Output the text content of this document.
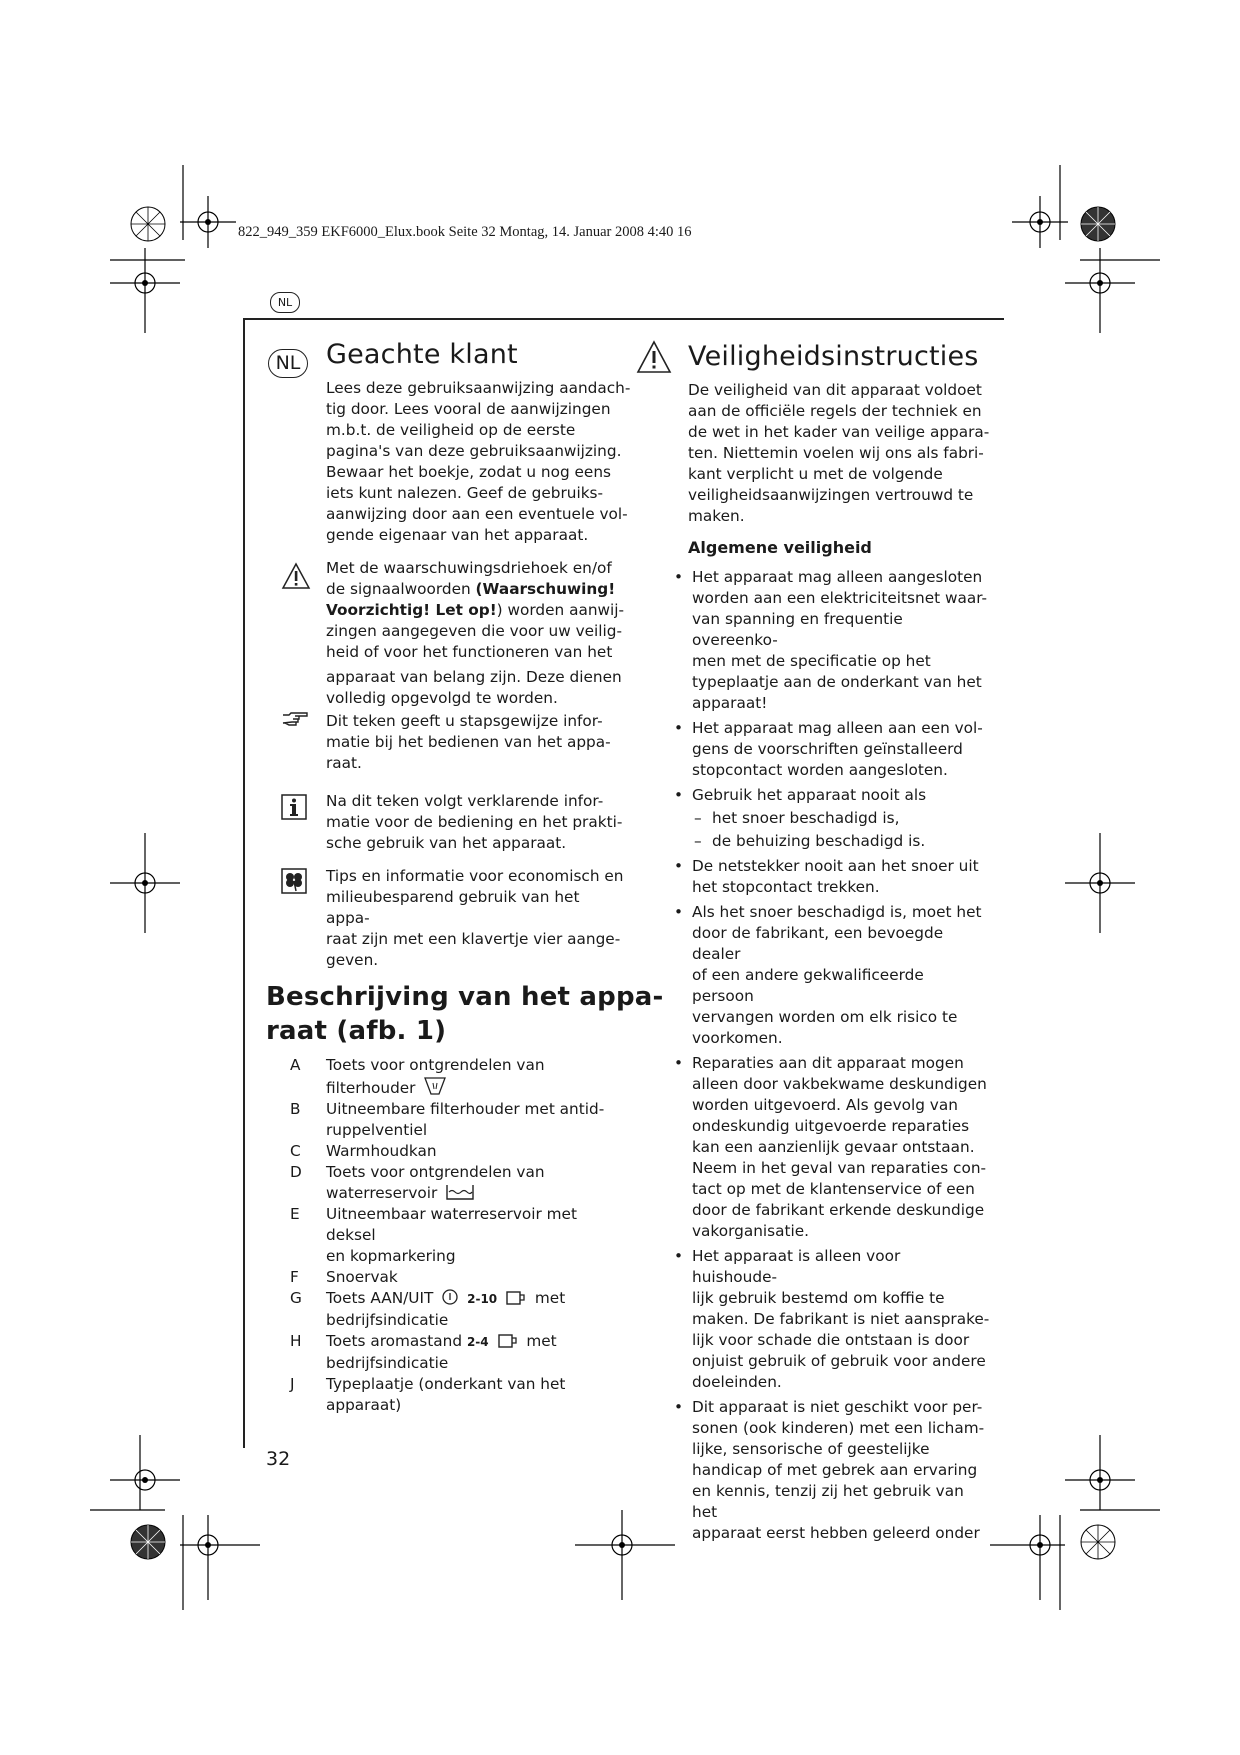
822_949_359 EKF6000_Elux.book Seite 32 Montag, 14. Januar 2008 4:40 16
NL
NL Geachte klant

Lees deze gebruiksaanwijzing aandach-

tig door. Lees vooral de aanwijzingen

m.b.t. de veiligheid op de eerste

pagina's van deze gebruiksaanwijzing.

Bewaar het boekje, zodat u nog eens

iets kunt nalezen. Geef de gebruiks-

aanwijzing door aan een eventuele vol-

gende eigenaar van het apparaat.

Met de waarschuwingsdriehoek en/of

de signaalwoorden (Waarschuwing!

Voorzichtig! Let op!) worden aanwij-

zingen aangegeven die voor uw veilig-

heid of voor het functioneren van het

apparaat van belang zijn. Deze dienen

volledig opgevolgd te worden.

Dit teken geeft u stapsgewijze infor-

matie bij het bedienen van het appa-

raat.

Na dit teken volgt verklarende infor-

matie voor de bediening en het prakti-

sche gebruik van het apparaat.

Tips en informatie voor economisch en

milieubesparend gebruik van het appa-

raat zijn met een klavertje vier aange-

geven.

Beschrijving van het appa-
raat (afb. 1)
A	Toets voor ontgrendelen van
filterhouder
B	Uitneembare filterhouder met antid-
ruppelventiel
C	Warmhoudkan
D	Toets voor ontgrendelen van
waterreservoir
E	Uitneembaar waterreservoir met deksel
en kopmarkering
F	Snoervak
G	Toets AAN/UIT	2-10 met
bedrijfsindicatie
H	Toets aromastand 2-4 met
bedrijfsindicatie
J	Typeplaatje (onderkant van het
apparaat)
32
Veiligheidsinstructies

De veiligheid van dit apparaat voldoet

aan de officiële regels der techniek en

de wet in het kader van veilige appara-

ten. Niettemin voelen wij ons als fabri-

kant verplicht u met de volgende

veiligheidsaanwijzingen vertrouwd te

maken.

Algemene veiligheid
• Het apparaat mag alleen aangesloten
worden aan een elektriciteitsnet waar-
van spanning en frequentie overeenko-
men met de specificatie op het
typeplaatje aan de onderkant van het
apparaat!
• Het apparaat mag alleen aan een vol-
gens de voorschriften geïnstalleerd
stopcontact worden aangesloten.
• Gebruik het apparaat nooit als
– het snoer beschadigd is,
– de behuizing beschadigd is.
• De netstekker nooit aan het snoer uit
het stopcontact trekken.
• Als het snoer beschadigd is, moet het
door de fabrikant, een bevoegde dealer
of een andere gekwalificeerde persoon
vervangen worden om elk risico te
voorkomen.
• Reparaties aan dit apparaat mogen
alleen door vakbekwame deskundigen
worden uitgevoerd. Als gevolg van
ondeskundig uitgevoerde reparaties
kan een aanzienlijk gevaar ontstaan.
Neem in het geval van reparaties con-
tact op met de klantenservice of een
door de fabrikant erkende deskundige
vakorganisatie.
• Het apparaat is alleen voor huishoude-
lijk gebruik bestemd om koffie te
maken. De fabrikant is niet aansprake-
lijk voor schade die ontstaan is door
onjuist gebruik of gebruik voor andere
doeleinden.
• Dit apparaat is niet geschikt voor per-
sonen (ook kinderen) met een licham-
lijke, sensorische of geestelijke
handicap of met gebrek aan ervaring
en kennis, tenzij zij het gebruik van het
apparaat eerst hebben geleerd onder
